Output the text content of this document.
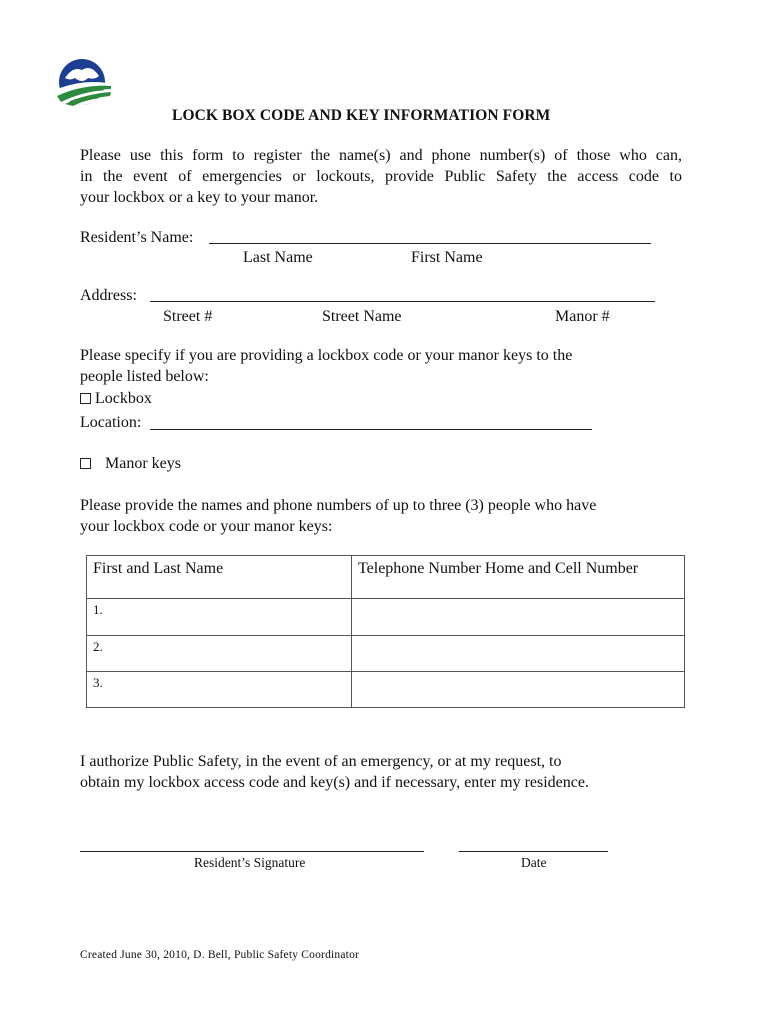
LOCK BOX CODE AND KEY INFORMATION FORM
Please use this form to register the name(s) and phone number(s) of those who can,
in the event of emergencies or lockouts, provide Public Safety the access code to
your lockbox or a key to your manor.
Resident’s Name:
Last Name	First Name
Address:
Street #	Street Name	Manor #
Please specify if you are providing a lockbox code or your manor keys to the
people listed below:
Lockbox
Location:
Manor keys
Please provide the names and phone numbers of up to three (3) people who have
your lockbox code or your manor keys:
First and Last Name	Telephone Number Home and Cell Number
1.	
2.	
3.	
I authorize Public Safety, in the event of an emergency, or at my request, to
obtain my lockbox access code and key(s) and if necessary, enter my residence.
Resident’s Signature	Date
Created June 30, 2010, D. Bell, Public Safety Coordinator
